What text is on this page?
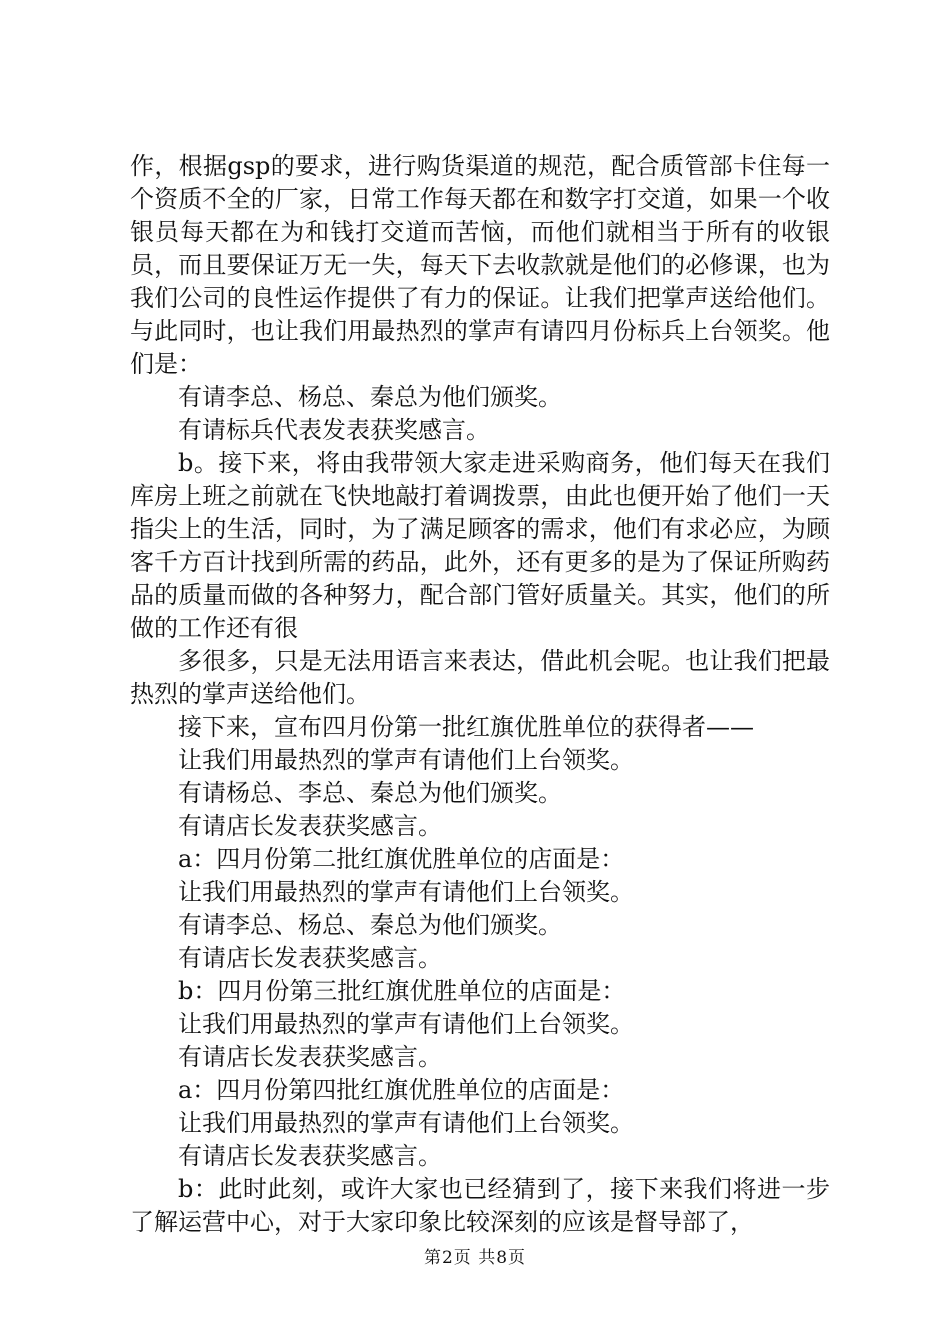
作，根据gsp的要求，进行购货渠道的规范，配合质管部卡住每一个资质不全的厂家，日常工作每天都在和数字打交道，如果一个收银员每天都在为和钱打交道而苦恼，而他们就相当于所有的收银员，而且要保证万无一失，每天下去收款就是他们的必修课，也为我们公司的良性运作提供了有力的保证。让我们把掌声送给他们。与此同时，也让我们用最热烈的掌声有请四月份标兵上台领奖。他们是：

有请李总、杨总、秦总为他们颁奖。

有请标兵代表发表获奖感言。

b。接下来，将由我带领大家走进采购商务，他们每天在我们库房上班之前就在飞快地敲打着调拨票，由此也便开始了他们一天指尖上的生活，同时，为了满足顾客的需求，他们有求必应，为顾客千方百计找到所需的药品，此外，还有更多的是为了保证所购药品的质量而做的各种努力，配合部门管好质量关。其实，他们的所做的工作还有很

多很多，只是无法用语言来表达，借此机会呢。也让我们把最热烈的掌声送给他们。

接下来，宣布四月份第一批红旗优胜单位的获得者——

让我们用最热烈的掌声有请他们上台领奖。

有请杨总、李总、秦总为他们颁奖。

有请店长发表获奖感言。

a：四月份第二批红旗优胜单位的店面是：

让我们用最热烈的掌声有请他们上台领奖。

有请李总、杨总、秦总为他们颁奖。

有请店长发表获奖感言。

b：四月份第三批红旗优胜单位的店面是：

让我们用最热烈的掌声有请他们上台领奖。

有请店长发表获奖感言。

a：四月份第四批红旗优胜单位的店面是：

让我们用最热烈的掌声有请他们上台领奖。

有请店长发表获奖感言。

b：此时此刻，或许大家也已经猜到了，接下来我们将进一步了解运营中心，对于大家印象比较深刻的应该是督导部了，

第2页 共8页
